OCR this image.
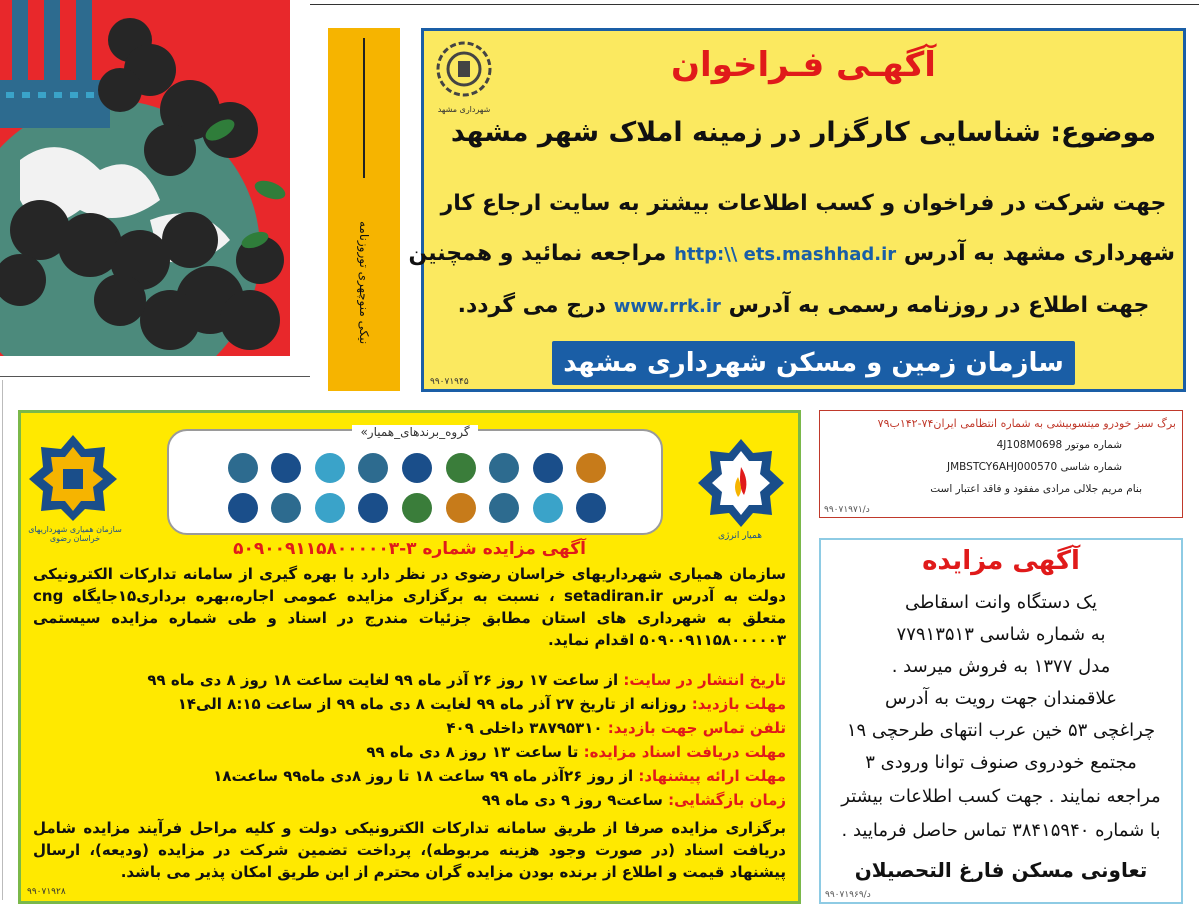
نیکی ‌منوچهری ‌تو‌روزنامه
شهرداری مشهد
آگهـی فـراخوان
موضوع: شناسایی کارگزار در زمینه املاک شهر مشهد
جهت شرکت در فراخوان و کسب اطلاعات بیشتر به سایت ارجاع کار
شهرداری مشهد به آدرس http:\\ ets.mashhad.ir مراجعه نمائید و همچنین
جهت اطلاع در روزنامه رسمی به آدرس www.rrk.ir درج می گردد.
سازمان زمین و مسکن شهرداری مشهد
۹۹۰۷۱۹۴۵
برگ سبز خودرو میتسوبیشی به شماره انتظامی ایران۷۴-۱۴۲ب۷۹
شماره موتور 4J108M0698
شماره شاسی JMBSTCY6AHJ000570
بنام مریم جلالی مرادی مفقود و فاقد اعتبار است
د/۹۹۰۷۱۹۷۱
آگهی مزایده
یک دستگاه وانت اسقاطی
به شماره شاسی ۷۷۹۱۳۵۱۳
مدل ۱۳۷۷ به فروش میرسد .
علاقمندان جهت رویت به آدرس
چراغچی ۵۳ خین عرب انتهای طرحچی ۱۹
مجتمع خودروی صنوف توانا ورودی ۳
مراجعه نمایند . جهت کسب اطلاعات بیشتر
با شماره ۳۸۴۱۵۹۴۰ تماس حاصل فرمایید .
تعاونی مسکن فارغ التحصیلان
د/۹۹۰۷۱۹۶۹
سازمان همیاری شهرداریهای خراسان رضوی	همیار انرژی
«گروه_برندهای_همیار
آگهی مزایده شماره ۳-۵۰۹۰۰۹۱۱۵۸۰۰۰۰۰۳
سازمان همیاری شهرداریهای خراسان رضوی در نظر دارد با بهره گیری از سامانه تدارکات الکترونیکی دولت به آدرس setadiran.ir ، نسبت به برگزاری مزایده عمومی اجاره،بهره برداری۱۵جایگاه cng متعلق به شهرداری های استان مطابق جزئیات مندرج در اسناد و طی شماره مزایده سیستمی ۵۰۹۰۰۹۱۱۵۸۰۰۰۰۰۳ اقدام نماید.
تاریخ انتشار در سایت: از ساعت ۱۷ روز ۲۶ آذر ماه ۹۹ لغایت ساعت ۱۸ روز ۸ دی ماه ۹۹
مهلت بازدید: روزانه از تاریخ ۲۷ آذر ماه ۹۹ لغایت ۸ دی ماه ۹۹ از ساعت ۸:۱۵ الی۱۴
تلفن تماس جهت بازدید: ۳۸۷۹۵۳۱۰ داخلی ۴۰۹
مهلت دریافت اسناد مزایده: تا ساعت ۱۳ روز ۸ دی ماه ۹۹
مهلت ارائه پیشنهاد: از روز ۲۶آذر ماه ۹۹ ساعت ۱۸ تا روز ۸دی ماه۹۹ ساعت۱۸
زمان بازگشایی: ساعت۹ روز ۹ دی ماه ۹۹
برگزاری مزایده صرفا از طریق سامانه تدارکات الکترونیکی دولت و کلیه مراحل فرآیند مزایده شامل دریافت اسناد (در صورت وجود هزینه مربوطه)، پرداخت تضمین شرکت در مزایده (ودیعه)، ارسال پیشنهاد قیمت و اطلاع از برنده بودن مزایده گران محترم از این طریق امکان پذیر می باشد.
۹۹۰۷۱۹۲۸
